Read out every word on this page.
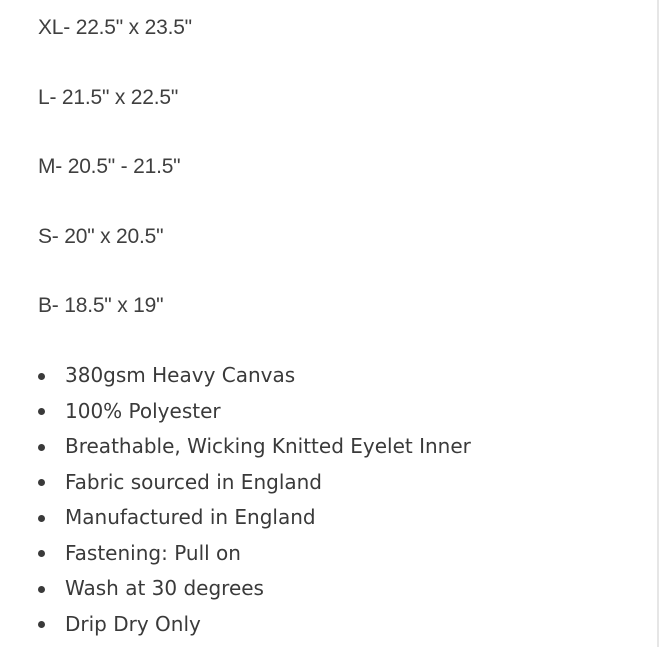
XL- 22.5" x 23.5"
L- 21.5" x 22.5"
M- 20.5" - 21.5"
S- 20" x 20.5"
B- 18.5" x 19"
380gsm Heavy Canvas
100% Polyester
Breathable, Wicking Knitted Eyelet Inner
Fabric sourced in England
Manufactured in England
Fastening: Pull on
Wash at 30 degrees
Drip Dry Only
